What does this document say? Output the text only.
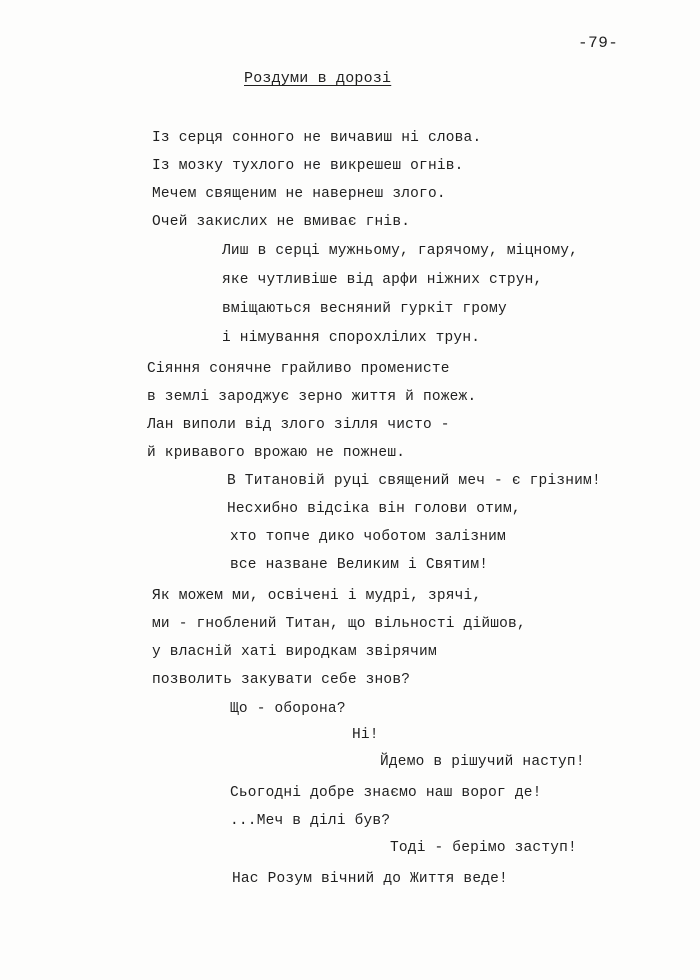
-79-
Роздуми в дорозі
Із серця сонного не вичавиш ні слова.
Із мозку тухлого не викрешеш огнів.
Мечем священим не навернеш злого.
Очей закислих не вмиває гнів.
Лиш в серці мужньому, гарячому, міцному,
яке чутливіше від арфи ніжних струн,
вміщаються весняний гуркіт грому
і німування спорохлілих трун.
Сіяння сонячне грайливо променисте
в землі зароджує зерно життя й пожеж.
Лан виполи від злого зілля чисто -
й кривавого врожаю не пожнеш.
В Титановій руці священий меч - є грізним!
Несхибно відсіка він голови отим,
хто топче дико чоботом залізним
все назване Великим і Святим!
Як можем ми, освічені і мудрі, зрячі,
ми - гноблений Титан, що вільності дійшов,
у власній хаті виродкам звірячим
позволить закувати себе знов?
Що - оборона?
Ні!
Йдемо в рішучий наступ!
Сьогодні добре знаємо наш ворог де!
...Меч в ділі був?
Тоді - берімо заступ!
Нас Розум вічний до Життя веде!
